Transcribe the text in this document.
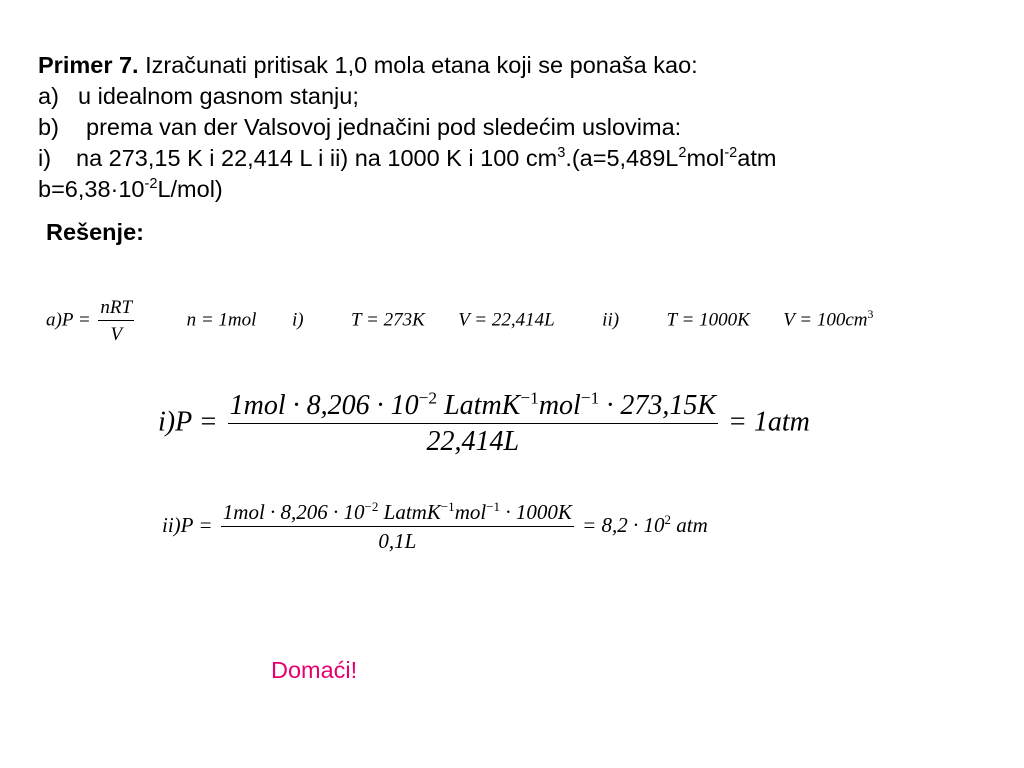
Primer 7. Izračunati pritisak 1,0 mola etana koji se ponaša kao:
a) u idealnom gasnom stanju;
b) prema van der Valsovoj jednačini pod sledećim uslovima:
i) na 273,15 K i 22,414 L i ii) na 1000 K i 100 $cm^3.(a=5,489L^2mol^{-2}atm$
$b=6,38\cdot 10^{-2}L/mol$)
Rešenje:
$a)P = \frac{\text{nRT}}{V}$	n = 1mol i)	T = 273K V = 22,414L	ii)	T = 1000K $V = 100cm^3$
$i)P = \frac{1mol \cdot 8,206 \cdot 10^{-2} LatmK^{-1}mol^{-1} \cdot 273,15K}{22,414L} = 1atm$
$ii)P = \frac{1mol \cdot 8,206 \cdot 10^{-2} LatmK^{-1}mol^{-1} \cdot 1000K}{0,1L} = 8,2 \cdot 10^2$ atm
Domaći!
